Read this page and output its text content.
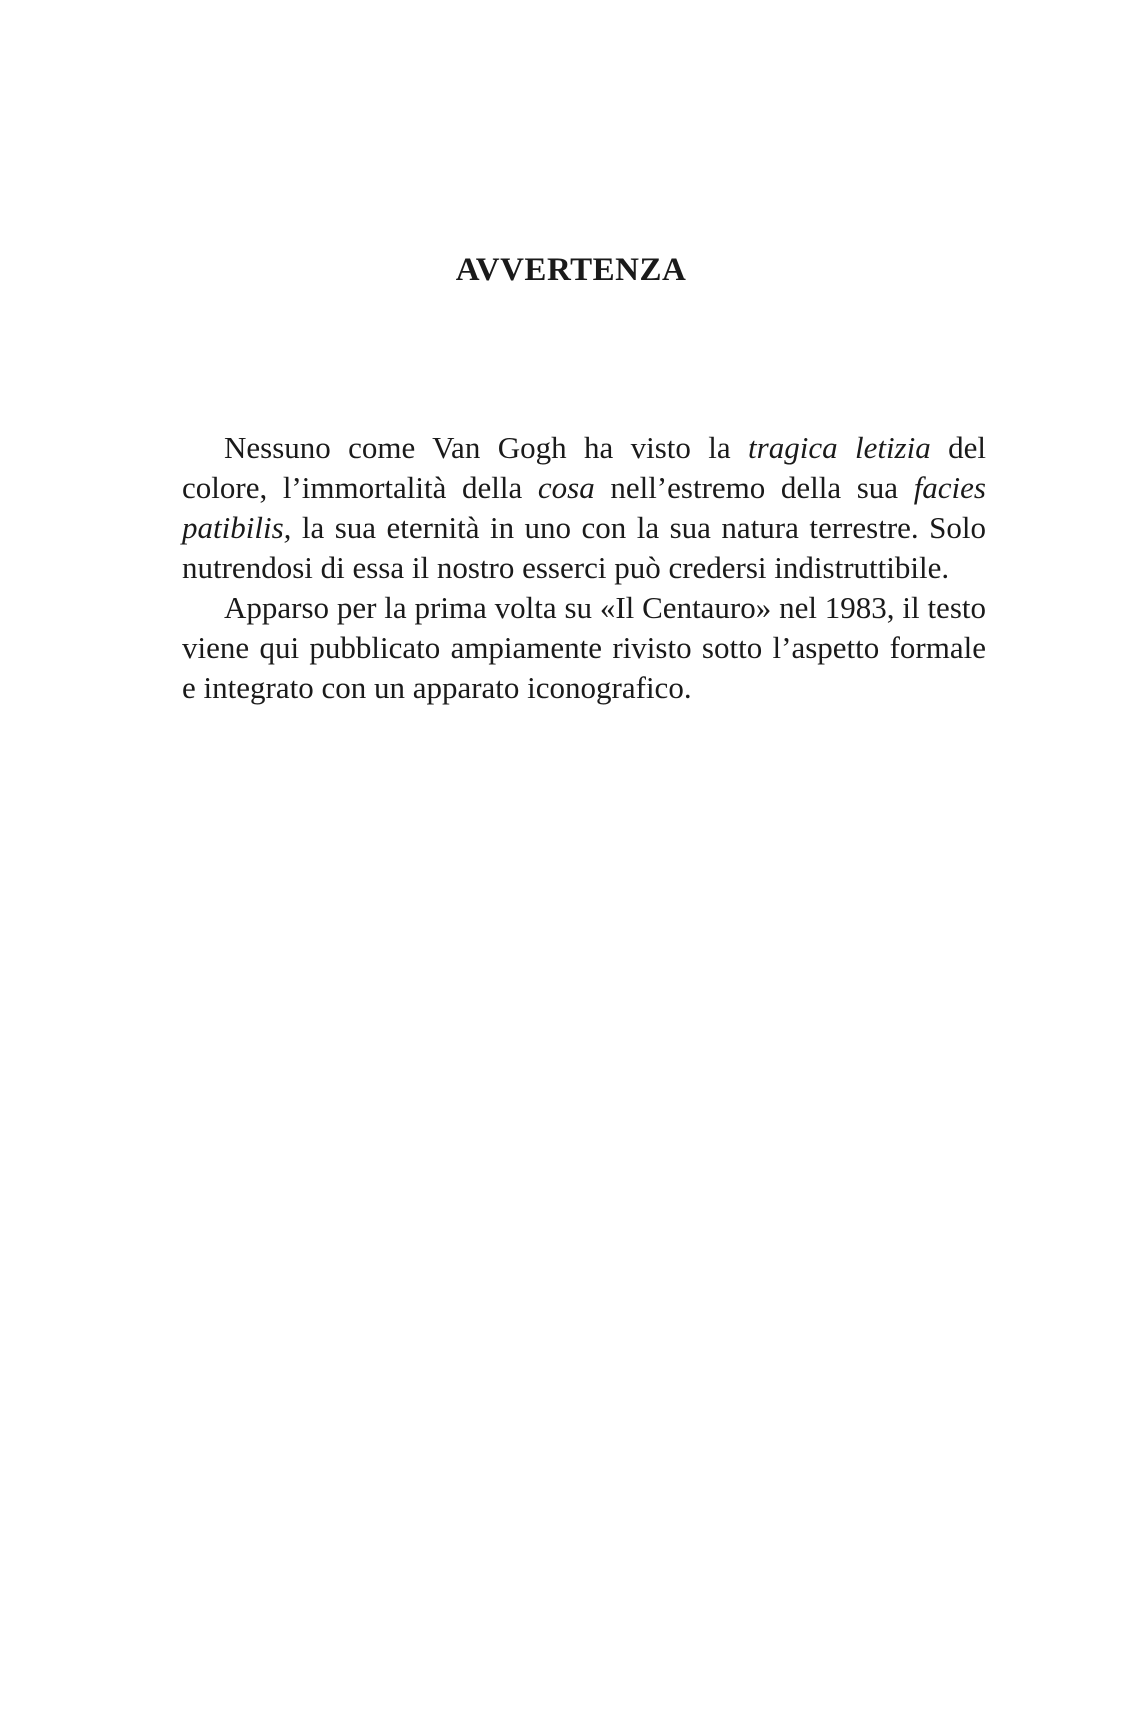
AVVERTENZA

Nessuno come Van Gogh ha visto la tragica letizia del colore, l’immortalità della cosa nell’estremo della sua facies patibilis, la sua eternità in uno con la sua natura terrestre. Solo nutrendosi di essa il nostro esserci può credersi indistruttibile.

Apparso per la prima volta su «Il Centauro» nel 1983, il testo viene qui pubblicato ampiamente rivisto sotto l’aspetto formale e integrato con un apparato iconografico.
